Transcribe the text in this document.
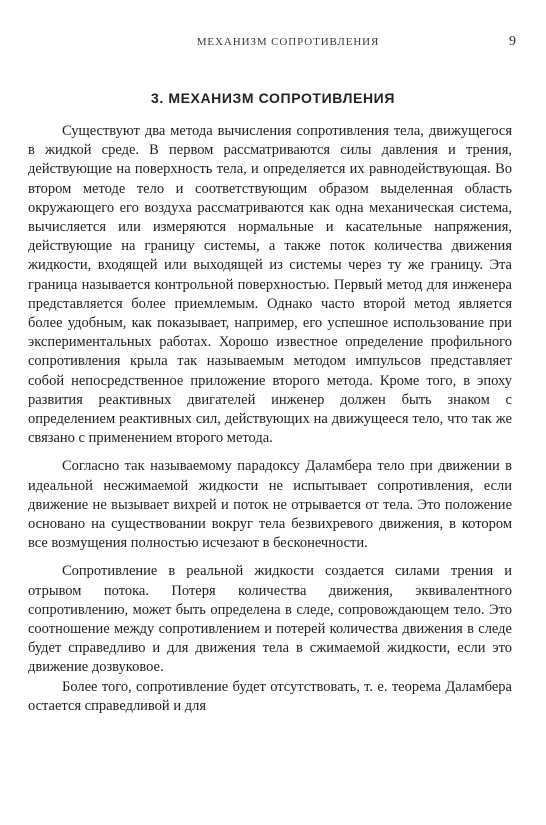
МЕХАНИЗМ СОПРОТИВЛЕНИЯ	9
3. МЕХАНИЗМ СОПРОТИВЛЕНИЯ

Существуют два метода вычисления сопротивления тела, движущегося в жидкой среде. В первом рассматриваются силы давления и трения, действующие на поверхность тела, и определяется их равнодействующая. Во втором методе тело и соответствующим образом выделенная область окружающего его воздуха рассматриваются как одна механическая система, вычисляется или измеряются нормальные и касательные напряжения, действующие на границу системы, а также поток количества движения жидкости, входящей или выходящей из системы через ту же границу. Эта граница называется контрольной поверхностью. Первый метод для инженера представляется более приемлемым. Однако часто второй метод является более удобным, как показывает, например, его успешное использование при экспериментальных работах. Хорошо известное определение профильного сопротивления крыла так называемым методом импульсов представляет собой непосредственное приложение второго метода. Кроме того, в эпоху развития реактивных двигателей инженер должен быть знаком с определением реактивных сил, действующих на движущееся тело, что так же связано с применением второго метода.

Согласно так называемому парадоксу Даламбера тело при движении в идеальной несжимаемой жидкости не испытывает сопротивления, если движение не вызывает вихрей и поток не отрывается от тела. Это положение основано на существовании вокруг тела безвихревого движения, в котором все возмущения полностью исчезают в бесконечности.

Сопротивление в реальной жидкости создается силами трения и отрывом потока. Потеря количества движения, эквивалентного сопротивлению, может быть определена в следе, сопровождающем тело. Это соотношение между сопротивлением и потерей количества движения в следе будет справедливо и для движения тела в сжимаемой жидкости, если это движение дозвуковое.

Более того, сопротивление будет отсутствовать, т. е. теорема Даламбера остается справедливой и для
